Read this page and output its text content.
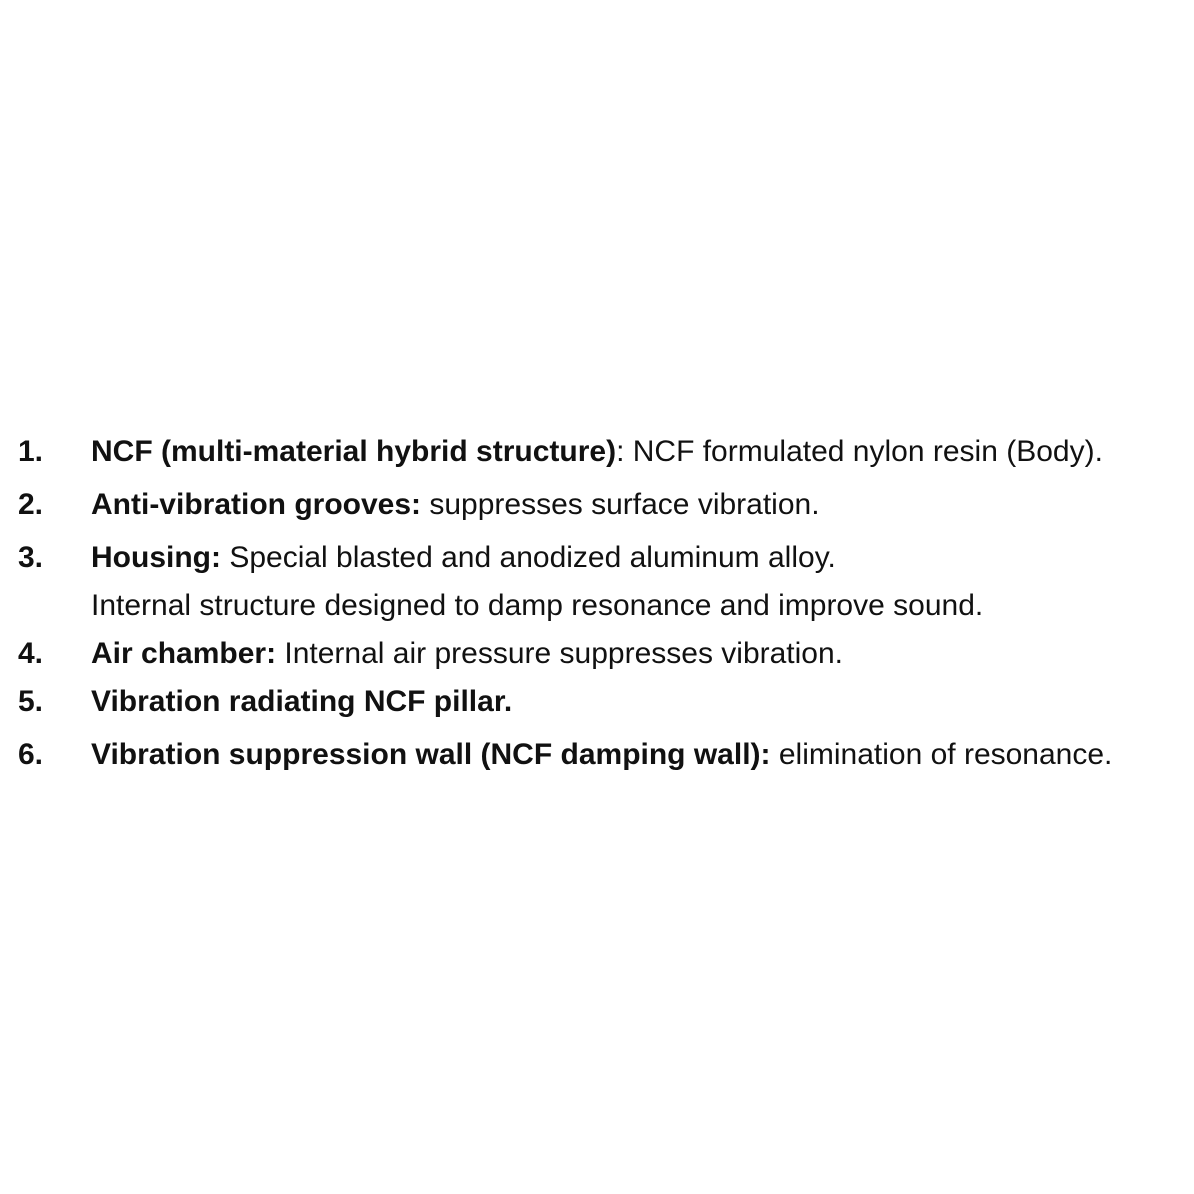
1. NCF (multi-material hybrid structure): NCF formulated nylon resin (Body).
2. Anti-vibration grooves: suppresses surface vibration.
3. Housing: Special blasted and anodized aluminum alloy.
Internal structure designed to damp resonance and improve sound.
4. Air chamber: Internal air pressure suppresses vibration.
5. Vibration radiating NCF pillar.
6. Vibration suppression wall (NCF damping wall): elimination of resonance.
